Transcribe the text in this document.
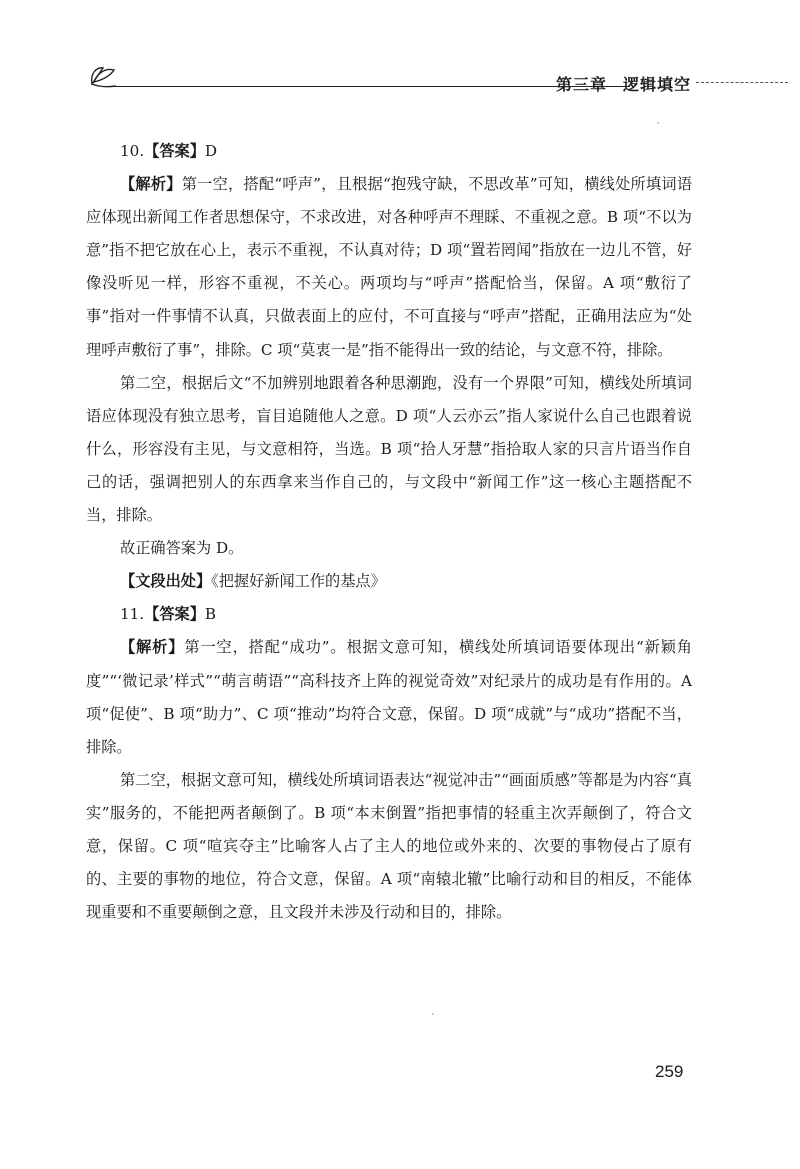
第三章 逻辑填空

10.【答案】D

【解析】第一空，搭配“呼声”，且根据“抱残守缺，不思改革”可知，横线处所填词语应体现出新闻工作者思想保守，不求改进，对各种呼声不理睬、不重视之意。B 项“不以为意”指不把它放在心上，表示不重视，不认真对待；D 项“置若罔闻”指放在一边儿不管，好像没听见一样，形容不重视，不关心。两项均与“呼声”搭配恰当，保留。A 项“敷衍了事”指对一件事情不认真，只做表面上的应付，不可直接与“呼声”搭配，正确用法应为“处理呼声敷衍了事”，排除。C 项“莫衷一是”指不能得出一致的结论，与文意不符，排除。

第二空，根据后文“不加辨别地跟着各种思潮跑，没有一个界限”可知，横线处所填词语应体现没有独立思考，盲目追随他人之意。D 项“人云亦云”指人家说什么自己也跟着说什么，形容没有主见，与文意相符，当选。B 项“拾人牙慧”指拾取人家的只言片语当作自己的话，强调把别人的东西拿来当作自己的，与文段中“新闻工作”这一核心主题搭配不当，排除。

故正确答案为 D。

【文段出处】《把握好新闻工作的基点》

11.【答案】B

【解析】第一空，搭配“成功”。根据文意可知，横线处所填词语要体现出“新颖角度”“‘微记录’样式”“萌言萌语”“高科技齐上阵的视觉奇效”对纪录片的成功是有作用的。A 项“促使”、B 项“助力”、C 项“推动”均符合文意，保留。D 项“成就”与“成功”搭配不当，排除。

第二空，根据文意可知，横线处所填词语表达“视觉冲击”“画面质感”等都是为内容“真实”服务的，不能把两者颠倒了。B 项“本末倒置”指把事情的轻重主次弄颠倒了，符合文意，保留。C 项“喧宾夺主”比喻客人占了主人的地位或外来的、次要的事物侵占了原有的、主要的事物的地位，符合文意，保留。A 项“南辕北辙”比喻行动和目的相反，不能体现重要和不重要颠倒之意，且文段并未涉及行动和目的，排除。

259
